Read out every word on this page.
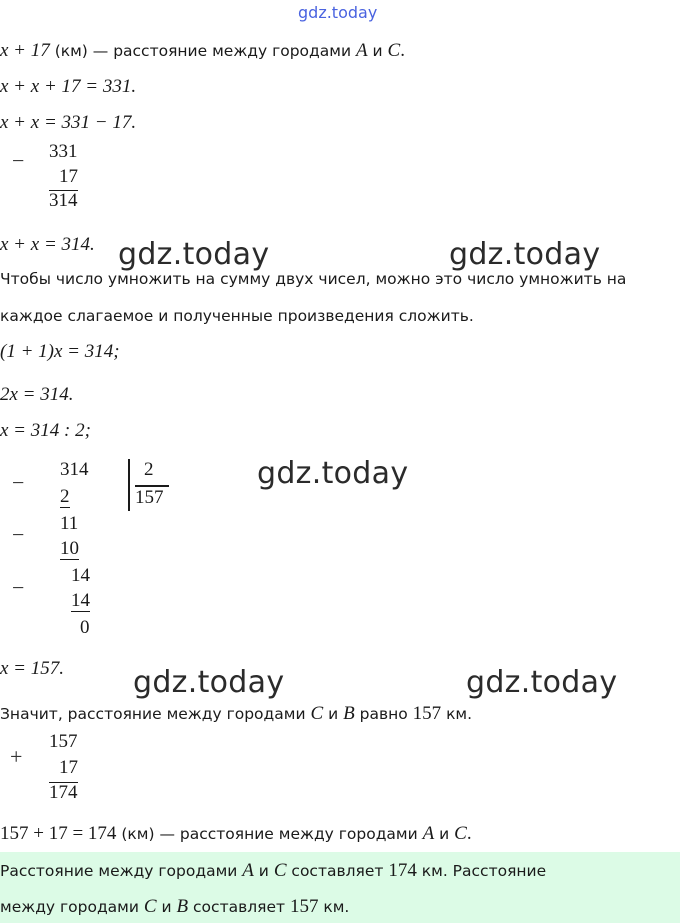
gdz.today
x + 17 (км) — расстояние между городами A и C.
x + x + 17 = 331.
x + x = 331 − 17.
− 331
17
314
x + x = 314. gdz.today	gdz.today
Чтобы число умножить на сумму двух чисел, можно это число умножить на
каждое слагаемое и полученные произведения сложить.
(1 + 1)x = 314;
2x = 314.
x = 314 : 2;
−
314
2
2
157
− 11
10
− 14
14
0
gdz.today
x = 157. gdz.today	gdz.today
Значит, расстояние между городами C и B равно 157 км.
+
157
17
174
157 + 17 = 174 (км) — расстояние между городами A и C.
Расстояние между городами A и C составляет 174 км. Расстояние
между городами C и B составляет 157 км.
